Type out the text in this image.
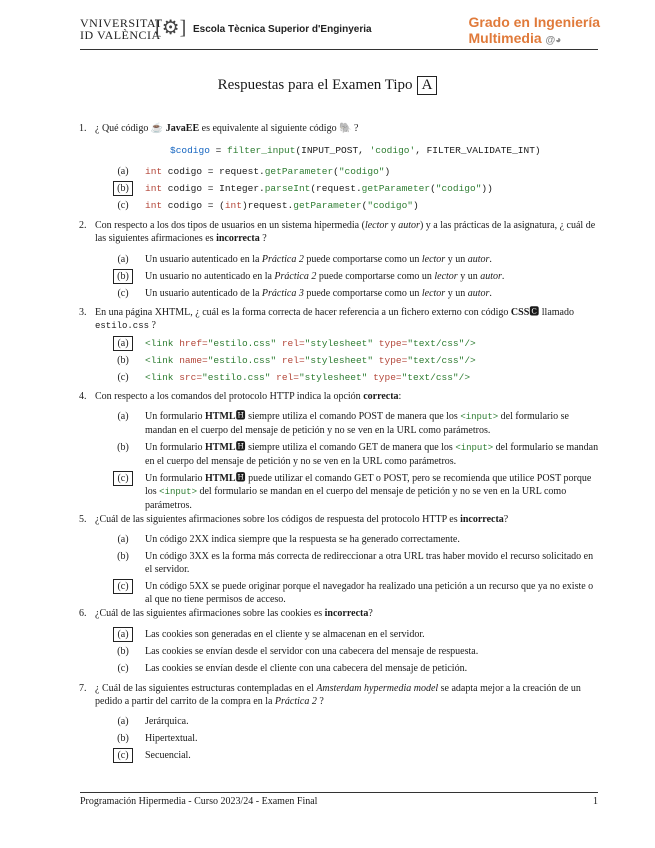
VNIVERSITAT
ID VALÈNCIA
[⚙] Escola Tècnica Superior d'Enginyeria	Grado en Ingeniería
Multimedia @◕
Respuestas para el Examen Tipo A
1. ¿ Qué código ☕ JavaEE es equivalente al siguiente código 🐘 ?
$codigo = filter_input(INPUT_POST, 'codigo', FILTER_VALIDATE_INT)
(a)	int codigo = request.getParameter("codigo")
(b)	int codigo = Integer.parseInt(request.getParameter("codigo"))
(c)	int codigo = (int)request.getParameter("codigo")
2. Con respecto a los dos tipos de usuarios en un sistema hipermedia (lector y autor) y a las prácticas de la asignatura, ¿ cuál de las siguientes afirmaciones es incorrecta ?
(a)	Un usuario autenticado en la Práctica 2 puede comportarse como un lector y un autor.
(b)	Un usuario no autenticado en la Práctica 2 puede comportarse como un lector y un autor.
(c)	Un usuario autenticado de la Práctica 3 puede comportarse como un lector y un autor.
3. En una página XHTML, ¿ cuál es la forma correcta de hacer referencia a un fichero externo con código CSS🅲 llamado estilo.css ?
(a)	<link href="estilo.css" rel="stylesheet" type="text/css"/>
(b)	<link name="estilo.css" rel="stylesheet" type="text/css"/>
(c)	<link src="estilo.css" rel="stylesheet" type="text/css"/>
4. Con respecto a los comandos del protocolo HTTP indica la opción correcta:
(a)	Un formulario HTML🅷 siempre utiliza el comando POST de manera que los <input> del formulario se mandan en el cuerpo del mensaje de petición y no se ven en la URL como parámetros.
(b)	Un formulario HTML🅷 siempre utiliza el comando GET de manera que los <input> del formulario se mandan en el cuerpo del mensaje de petición y no se ven en la URL como parámetros.
(c)	Un formulario HTML🅷 puede utilizar el comando GET o POST, pero se recomienda que utilice POST porque los <input> del formulario se mandan en el cuerpo del mensaje de petición y no se ven en la URL como parámetros.
5. ¿Cuál de las siguientes afirmaciones sobre los códigos de respuesta del protocolo HTTP es incorrecta?
(a)	Un código 2XX indica siempre que la respuesta se ha generado correctamente.
(b)	Un código 3XX es la forma más correcta de redireccionar a otra URL tras haber movido el recurso solicitado en el servidor.
(c)	Un código 5XX se puede originar porque el navegador ha realizado una petición a un recurso que ya no existe o al que no tiene permisos de acceso.
6. ¿Cuál de las siguientes afirmaciones sobre las cookies es incorrecta?
(a)	Las cookies son generadas en el cliente y se almacenan en el servidor.
(b)	Las cookies se envían desde el servidor con una cabecera del mensaje de respuesta.
(c)	Las cookies se envían desde el cliente con una cabecera del mensaje de petición.
7. ¿ Cuál de las siguientes estructuras contempladas en el Amsterdam hypermedia model se adapta mejor a la creación de un pedido a partir del carrito de la compra en la Práctica 2 ?
(a)	Jerárquica.
(b)	Hipertextual.
(c)	Secuencial.
Programación Hipermedia - Curso 2023/24 - Examen Final	1
